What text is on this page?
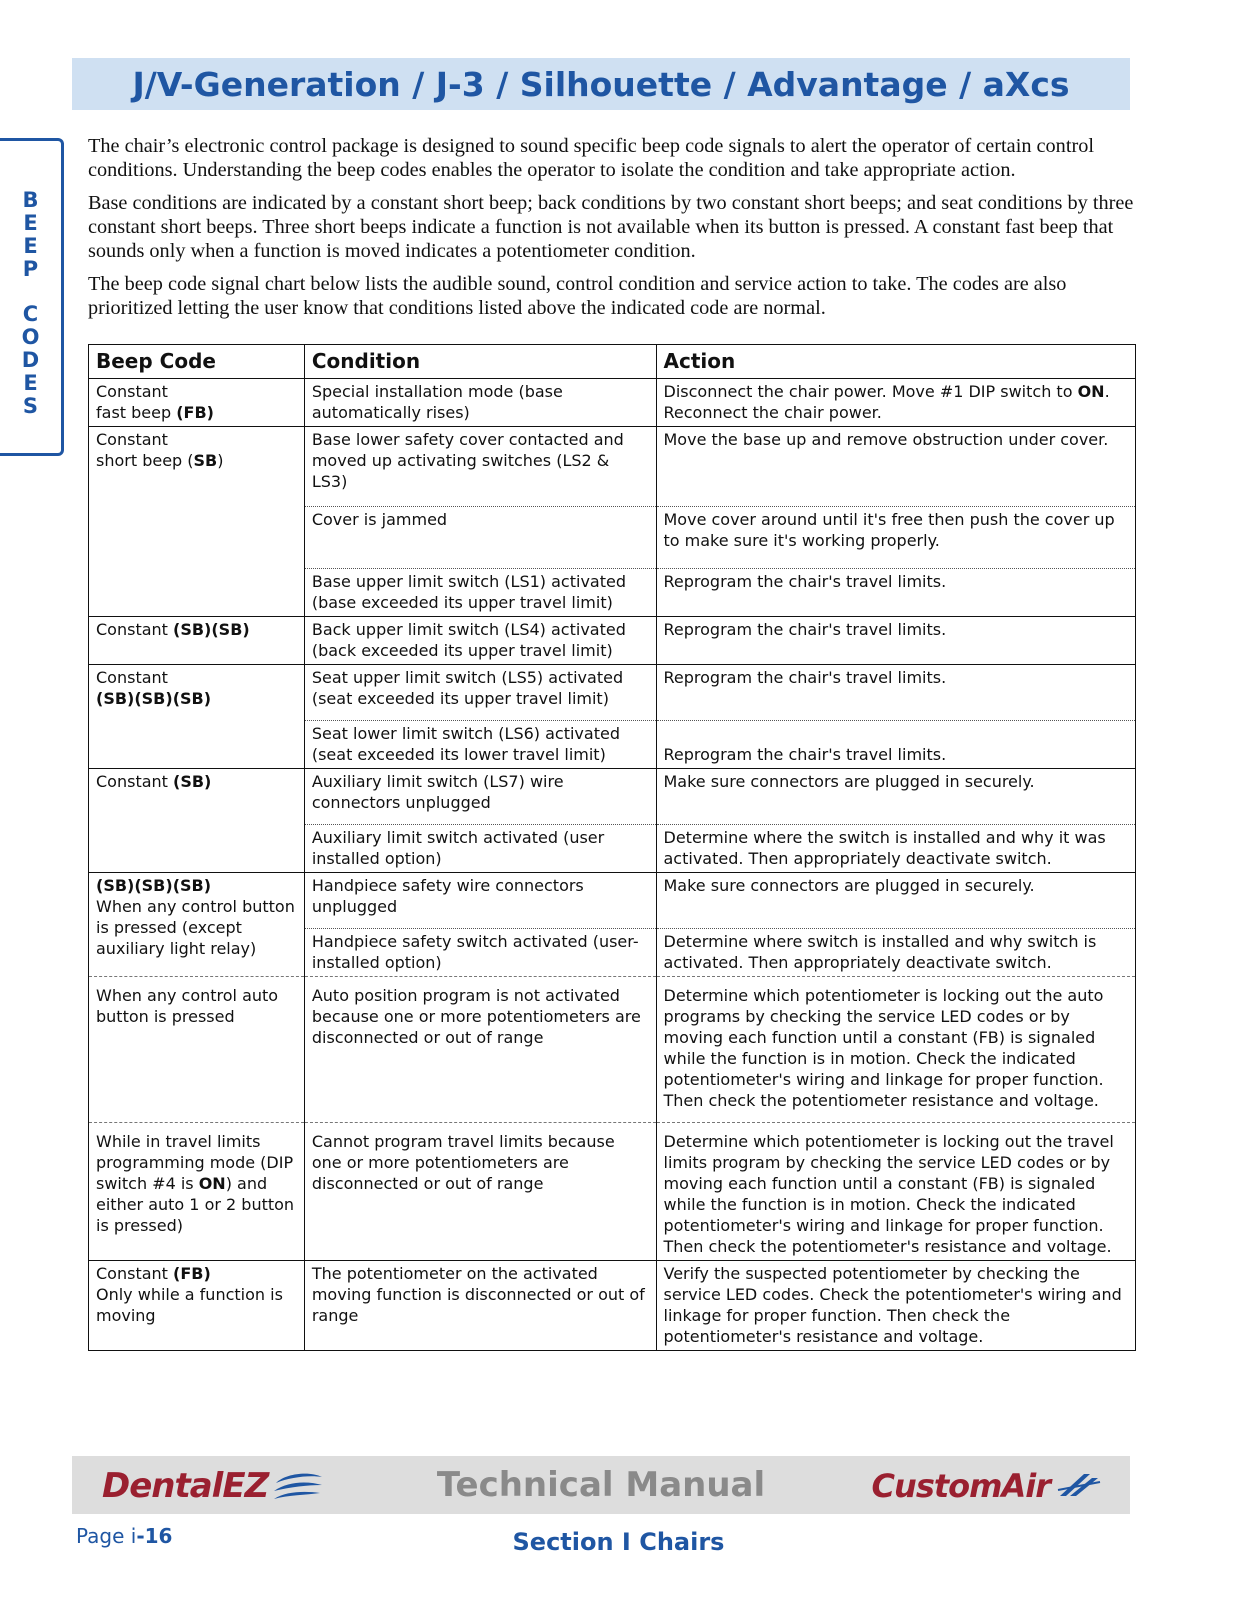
J/V-Generation / J-3 / Silhouette / Advantage / aXcs
B
E
E
P
C
O
D
E
S

The chair’s electronic control package is designed to sound specific beep code signals to alert the operator of certain control conditions. Understanding the beep codes enables the operator to isolate the condition and take appropriate action.

Base conditions are indicated by a constant short beep; back conditions by two constant short beeps; and seat conditions by three constant short beeps. Three short beeps indicate a function is not available when its button is pressed. A constant fast beep that sounds only when a function is moved indicates a potentiometer condition.

The beep code signal chart below lists the audible sound, control condition and service action to take. The codes are also prioritized letting the user know that conditions listed above the indicated code are normal.

Beep Code	Condition	Action
Constant
fast beep (FB)	Special installation mode (base automatically rises)	Disconnect the chair power. Move #1 DIP switch to ON. Reconnect the chair power.
Constant
short beep (SB)	Base lower safety cover contacted and moved up activating switches (LS2 & LS3)	Move the base up and remove obstruction under cover.
	Cover is jammed	Move cover around until it's free then push the cover up to make sure it's working properly.
	Base upper limit switch (LS1) activated (base exceeded its upper travel limit)	Reprogram the chair's travel limits.
Constant (SB)(SB)	Back upper limit switch (LS4) activated (back exceeded its upper travel limit)	Reprogram the chair's travel limits.
Constant
(SB)(SB)(SB)	Seat upper limit switch (LS5) activated (seat exceeded its upper travel limit)	Reprogram the chair's travel limits.
	Seat lower limit switch (LS6) activated (seat exceeded its lower travel limit)	Reprogram the chair's travel limits.
Constant (SB)	Auxiliary limit switch (LS7) wire connectors unplugged	Make sure connectors are plugged in securely.
	Auxiliary limit switch activated (user installed option)	Determine where the switch is installed and why it was activated. Then appropriately deactivate switch.
(SB)(SB)(SB)
When any control button is pressed (except auxiliary light relay)	Handpiece safety wire connectors unplugged	Make sure connectors are plugged in securely.
	Handpiece safety switch activated (user-installed option)	Determine where switch is installed and why switch is activated. Then appropriately deactivate switch.
When any control auto button is pressed	Auto position program is not activated because one or more potentiometers are disconnected or out of range	Determine which potentiometer is locking out the auto programs by checking the service LED codes or by moving each function until a constant (FB) is signaled while the function is in motion. Check the indicated potentiometer's wiring and linkage for proper function. Then check the potentiometer resistance and voltage.
While in travel limits programming mode (DIP switch #4 is ON) and either auto 1 or 2 button is pressed)	Cannot program travel limits because one or more potentiometers are disconnected or out of range	Determine which potentiometer is locking out the travel limits program by checking the service LED codes or by moving each function until a constant (FB) is signaled while the function is in motion. Check the indicated potentiometer's wiring and linkage for proper function. Then check the potentiometer's resistance and voltage.
Constant (FB)
Only while a function is moving	The potentiometer on the activated moving function is disconnected or out of range	Verify the suspected potentiometer by checking the service LED codes. Check the potentiometer's wiring and linkage for proper function. Then check the potentiometer's resistance and voltage.
DentalEZ	Technical Manual	CustomAir
Page i-16	Section I Chairs
